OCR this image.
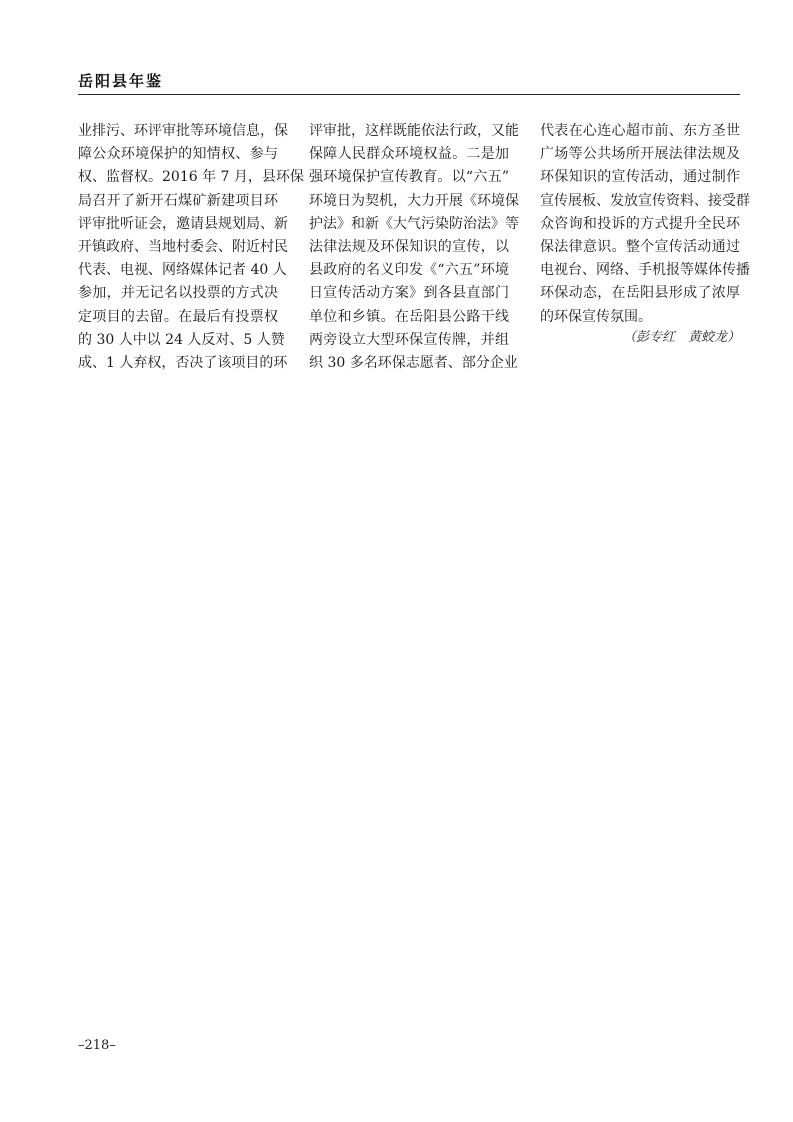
岳阳县年鉴
业排污、环评审批等环境信息，保
障公众环境保护的知情权、参与
权、监督权。2016 年 7 月，县环保
局召开了新开石煤矿新建项目环
评审批听证会，邀请县规划局、新
开镇政府、当地村委会、附近村民
代表、电视、网络媒体记者 40 人
参加，并无记名以投票的方式决
定项目的去留。在最后有投票权
的 30 人中以 24 人反对、5 人赞
成、1 人弃权，否决了该项目的环
评审批，这样既能依法行政，又能
保障人民群众环境权益。二是加
强环境保护宣传教育。以“六五”
环境日为契机，大力开展《环境保
护法》和新《大气污染防治法》等
法律法规及环保知识的宣传，以
县政府的名义印发《“六五”环境
日宣传活动方案》到各县直部门
单位和乡镇。在岳阳县公路干线
两旁设立大型环保宣传牌，并组
织 30 多名环保志愿者、部分企业
代表在心连心超市前、东方圣世
广场等公共场所开展法律法规及
环保知识的宣传活动，通过制作
宣传展板、发放宣传资料、接受群
众咨询和投诉的方式提升全民环
保法律意识。整个宣传活动通过
电视台、网络、手机报等媒体传播
环保动态，在岳阳县形成了浓厚
的环保宣传氛围。
（彭专红　黄蛟龙）
–218–
